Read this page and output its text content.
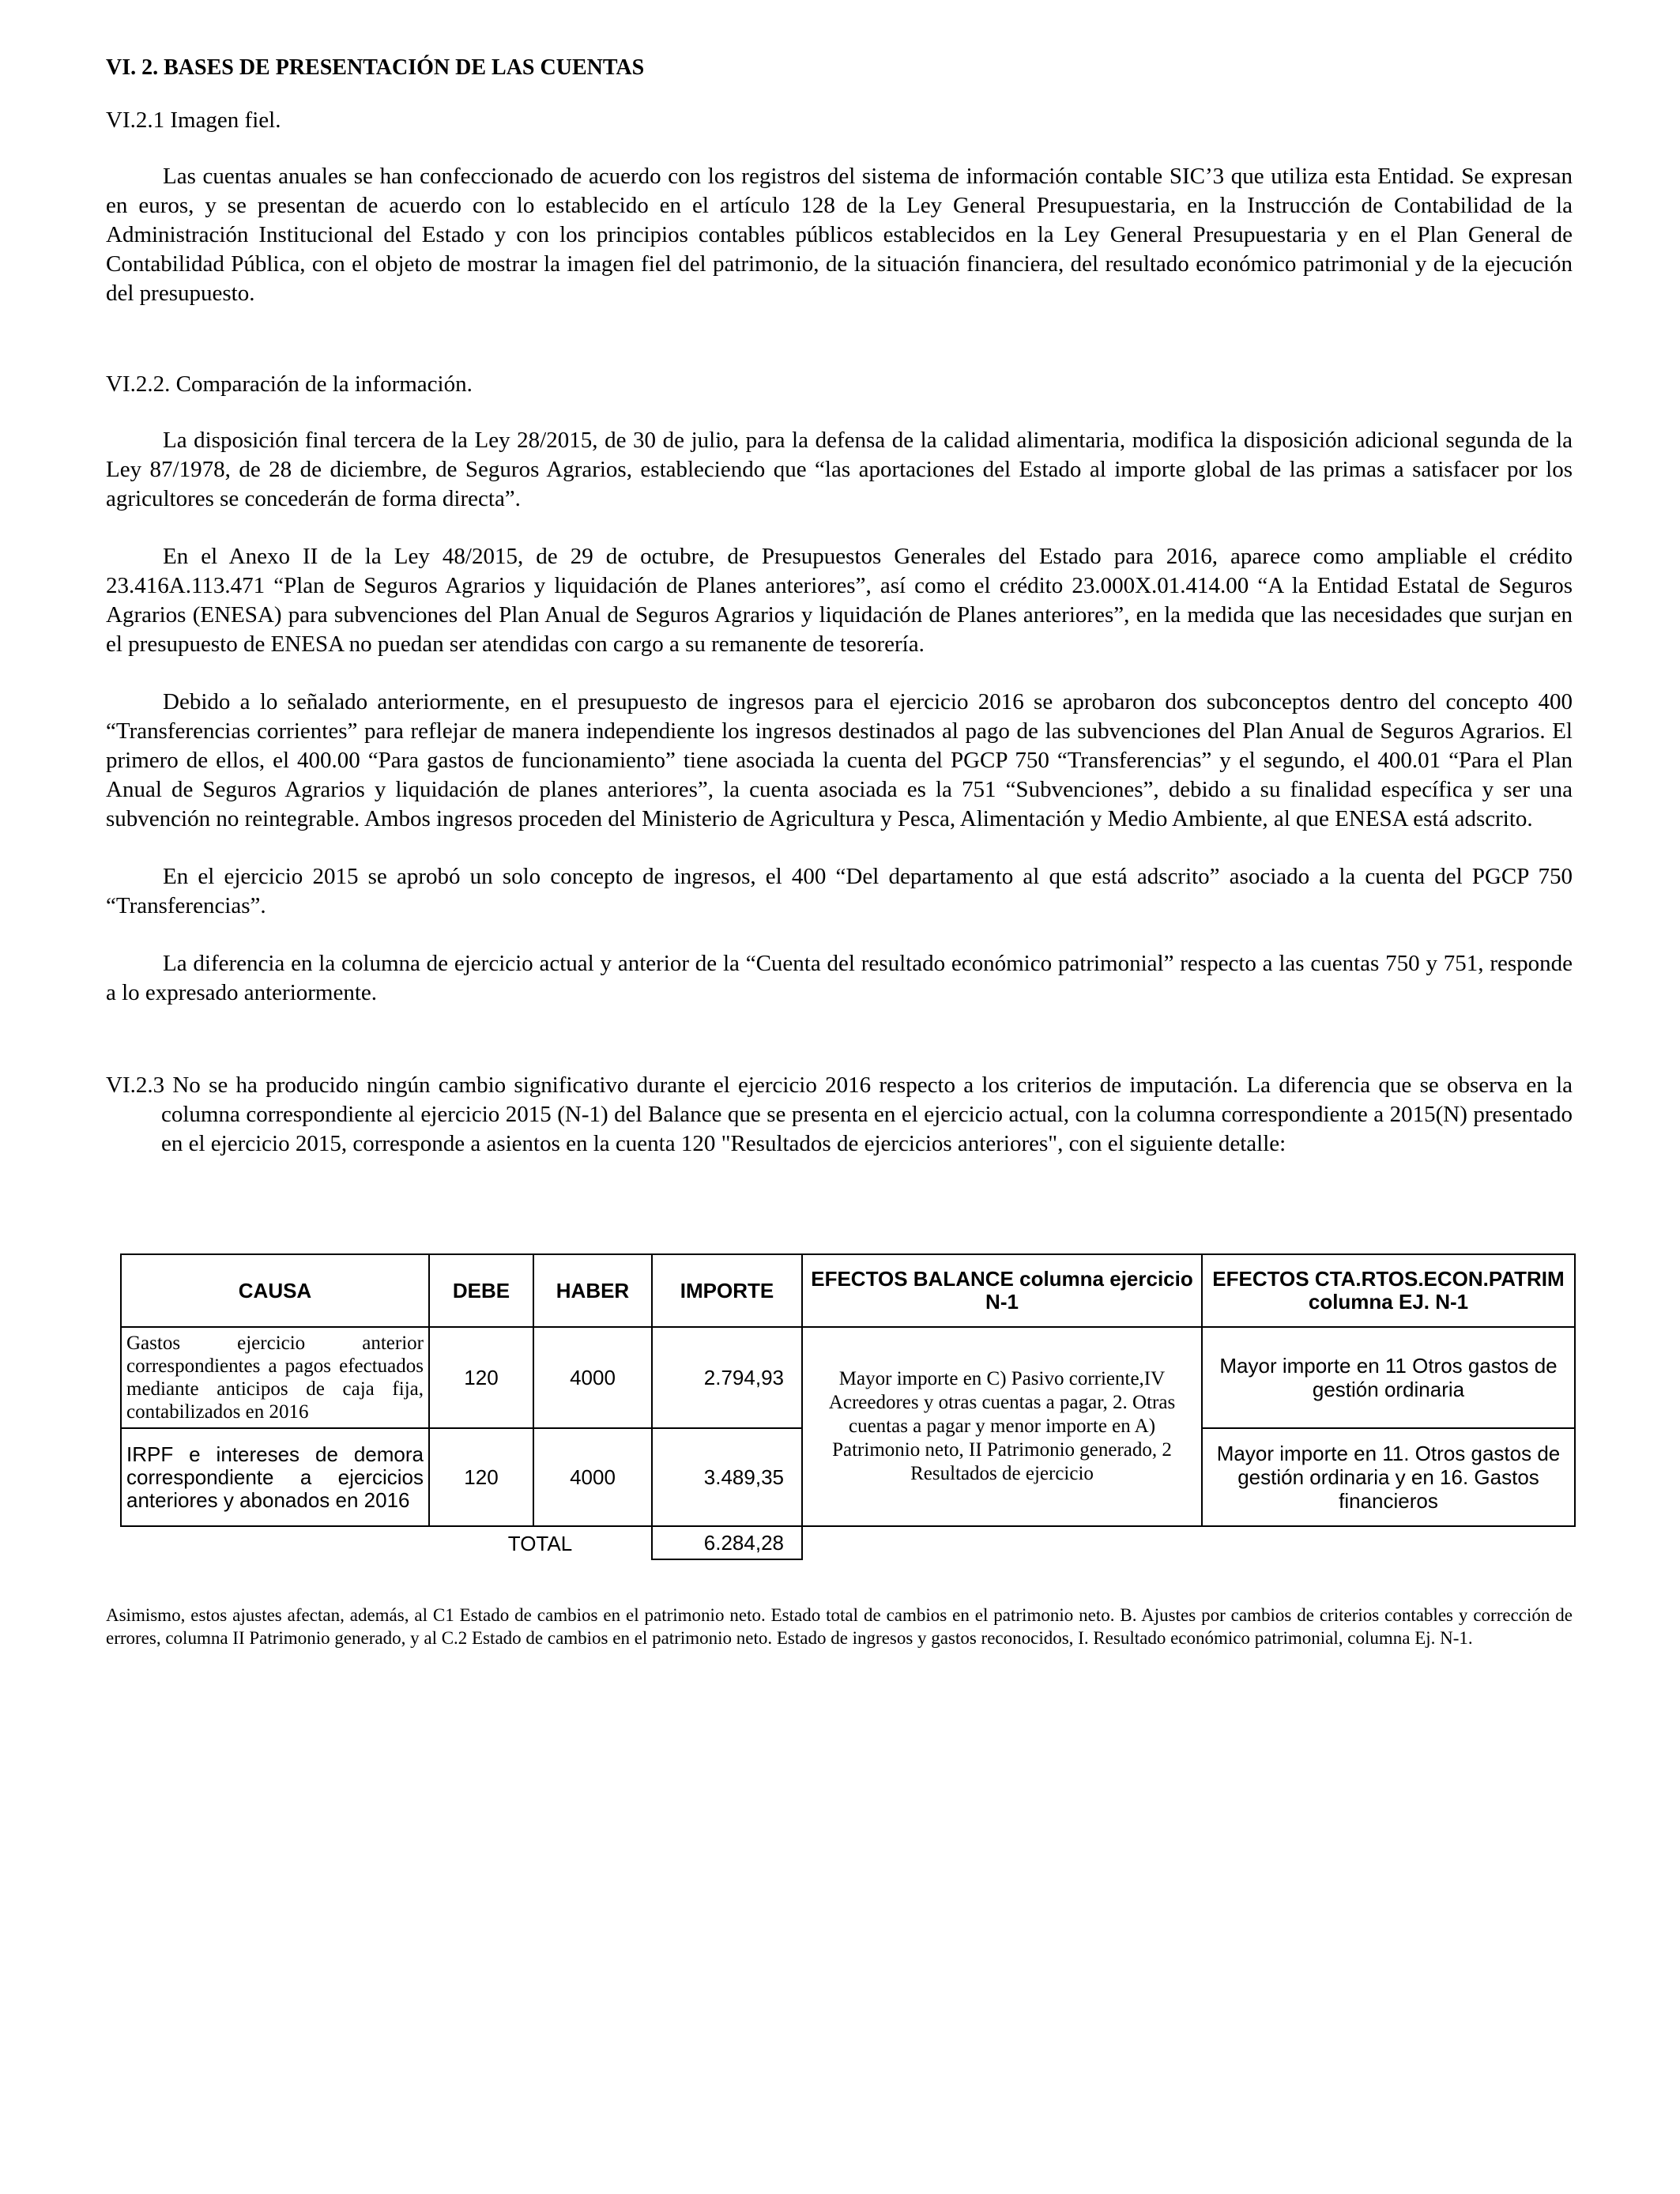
VI. 2. BASES DE PRESENTACIÓN DE LAS CUENTAS
VI.2.1 Imagen fiel.

Las cuentas anuales se han confeccionado de acuerdo con los registros del sistema de información contable SIC’3 que utiliza esta Entidad. Se expresan en euros, y se presentan de acuerdo con lo establecido en el artículo 128 de la Ley General Presupuestaria, en la Instrucción de Contabilidad de la Administración Institucional del Estado y con los principios contables públicos establecidos en la Ley General Presupuestaria y en el Plan General de Contabilidad Pública, con el objeto de mostrar la imagen fiel del patrimonio, de la situación financiera, del resultado económico patrimonial y de la ejecución del presupuesto.

VI.2.2. Comparación de la información.

La disposición final tercera de la Ley 28/2015, de 30 de julio, para la defensa de la calidad alimentaria, modifica la disposición adicional segunda de la Ley 87/1978, de 28 de diciembre, de Seguros Agrarios, estableciendo que “las aportaciones del Estado al importe global de las primas a satisfacer por los agricultores se concederán de forma directa”.

En el Anexo II de la Ley 48/2015, de 29 de octubre, de Presupuestos Generales del Estado para 2016, aparece como ampliable el crédito 23.416A.113.471 “Plan de Seguros Agrarios y liquidación de Planes anteriores”, así como el crédito 23.000X.01.414.00 “A la Entidad Estatal de Seguros Agrarios (ENESA) para subvenciones del Plan Anual de Seguros Agrarios y liquidación de Planes anteriores”, en la medida que las necesidades que surjan en el presupuesto de ENESA no puedan ser atendidas con cargo a su remanente de tesorería.

Debido a lo señalado anteriormente, en el presupuesto de ingresos para el ejercicio 2016 se aprobaron dos subconceptos dentro del concepto 400 “Transferencias corrientes” para reflejar de manera independiente los ingresos destinados al pago de las subvenciones del Plan Anual de Seguros Agrarios. El primero de ellos, el 400.00 “Para gastos de funcionamiento” tiene asociada la cuenta del PGCP 750 “Transferencias” y el segundo, el 400.01 “Para el Plan Anual de Seguros Agrarios y liquidación de planes anteriores”, la cuenta asociada es la 751 “Subvenciones”, debido a su finalidad específica y ser una subvención no reintegrable. Ambos ingresos proceden del Ministerio de Agricultura y Pesca, Alimentación y Medio Ambiente, al que ENESA está adscrito.

En el ejercicio 2015 se aprobó un solo concepto de ingresos, el 400 “Del departamento al que está adscrito” asociado a la cuenta del PGCP 750 “Transferencias”.

La diferencia en la columna de ejercicio actual y anterior de la “Cuenta del resultado económico patrimonial” respecto a las cuentas 750 y 751, responde a lo expresado anteriormente.

VI.2.3 No se ha producido ningún cambio significativo durante el ejercicio 2016 respecto a los criterios de imputación. La diferencia que se observa en la columna correspondiente al ejercicio 2015 (N-1) del Balance que se presenta en el ejercicio actual, con la columna correspondiente a 2015(N) presentado en el ejercicio 2015, corresponde a asientos en la cuenta 120 "Resultados de ejercicios anteriores", con el siguiente detalle:

CAUSA	DEBE	HABER	IMPORTE	EFECTOS BALANCE columna ejercicio N-1	EFECTOS CTA.RTOS.ECON.PATRIM columna EJ. N-1
Gastos ejercicio anterior correspondientes a pagos efectuados mediante anticipos de caja fija, contabilizados en 2016	120	4000	2.794,93	Mayor importe en C) Pasivo corriente,IV Acreedores y otras cuentas a pagar, 2. Otras cuentas a pagar y menor importe en A) Patrimonio neto, II Patrimonio generado, 2 Resultados de ejercicio	Mayor importe en 11 Otros gastos de gestión ordinaria
IRPF e intereses de demora correspondiente a ejercicios anteriores y abonados en 2016	120	4000	3.489,35		Mayor importe en 11. Otros gastos de gestión ordinaria y en 16. Gastos financieros
	TOTAL		6.284,28		

Asimismo, estos ajustes afectan, además, al C1 Estado de cambios en el patrimonio neto. Estado total de cambios en el patrimonio neto. B. Ajustes por cambios de criterios contables y corrección de errores, columna II Patrimonio generado, y al C.2 Estado de cambios en el patrimonio neto. Estado de ingresos y gastos reconocidos, I. Resultado económico patrimonial, columna Ej. N-1.
